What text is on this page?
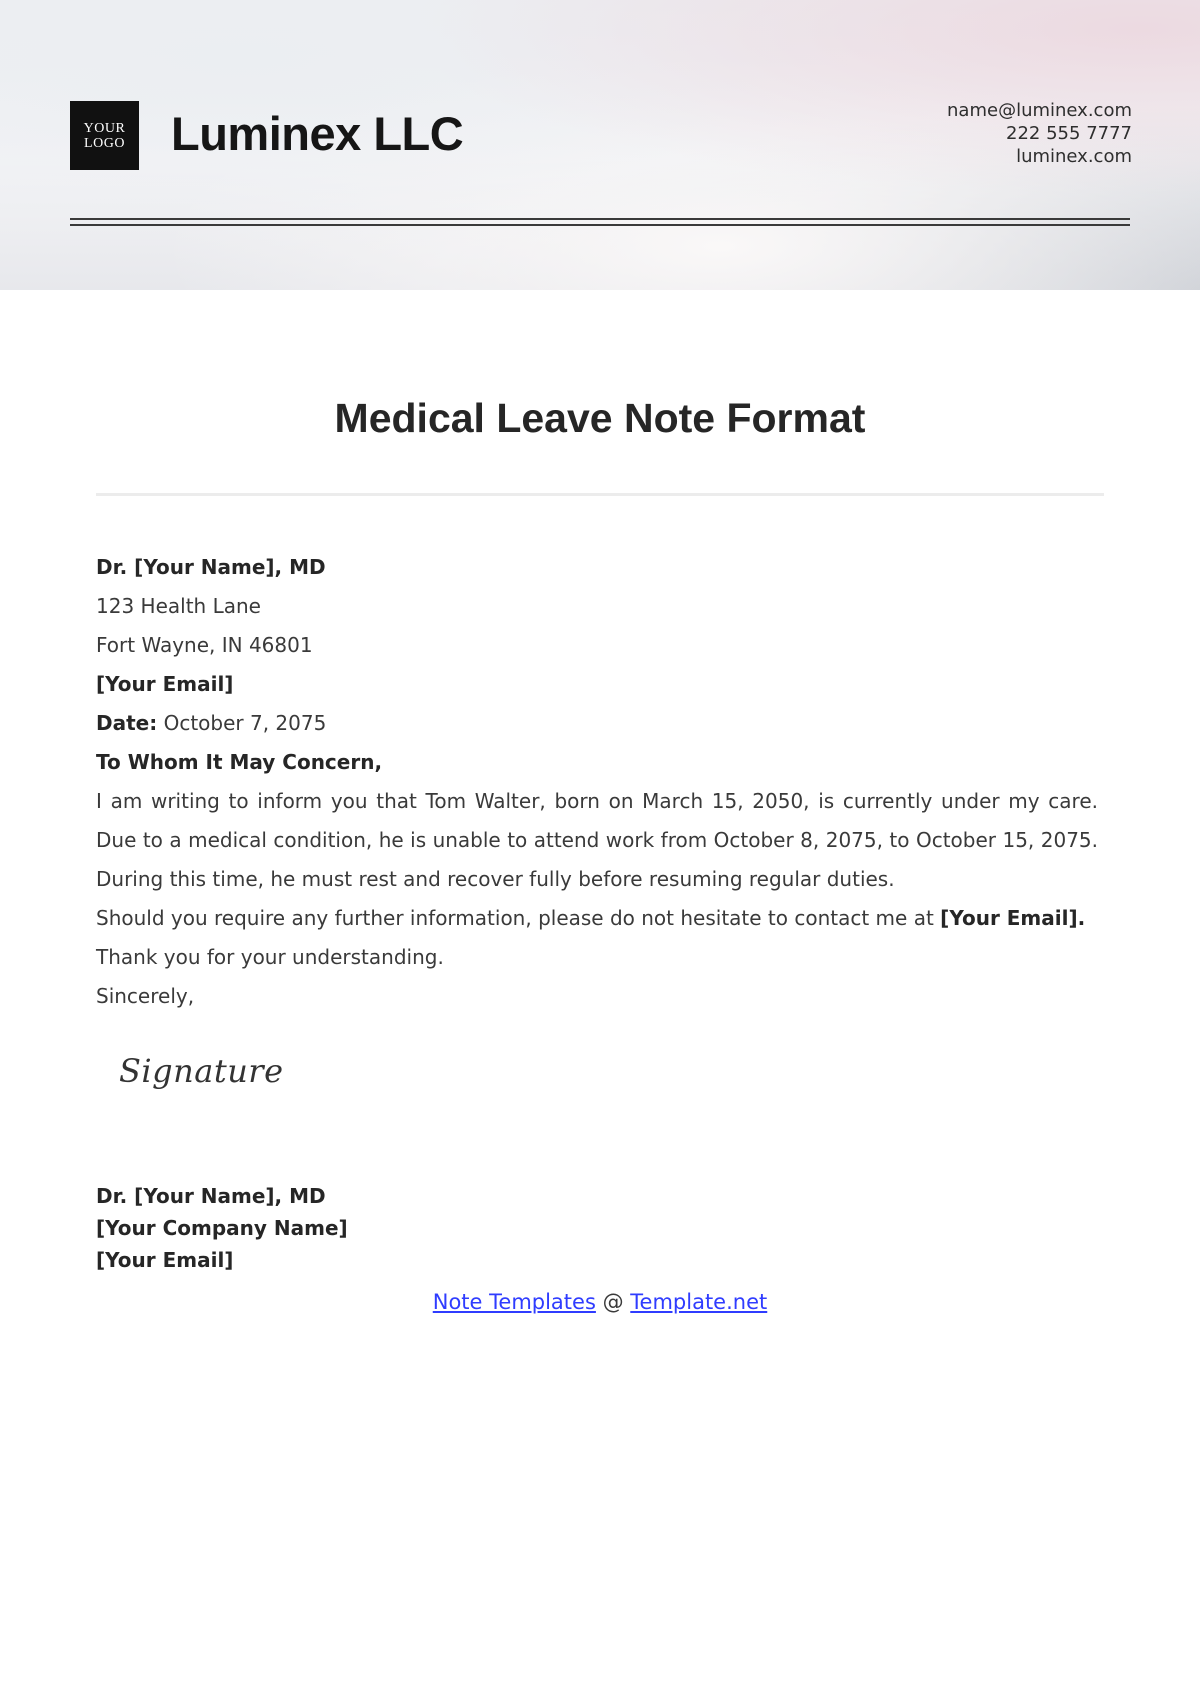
YOUR
LOGO Luminex LLC	name@luminex.com
222 555 7777
luminex.com
Medical Leave Note Format

Dr. [Your Name], MD

123 Health Lane

Fort Wayne, IN 46801

[Your Email]

Date: October 7, 2075

To Whom It May Concern,

I am writing to inform you that Tom Walter, born on March 15, 2050, is currently under my care. Due to a medical condition, he is unable to attend work from October 8, 2075, to October 15, 2075. During this time, he must rest and recover fully before resuming regular duties.

Should you require any further information, please do not hesitate to contact me at [Your Email].

Thank you for your understanding.

Sincerely,

Signature
Dr. [Your Name], MD
[Your Company Name]
[Your Email]
Note Templates @ Template.net
